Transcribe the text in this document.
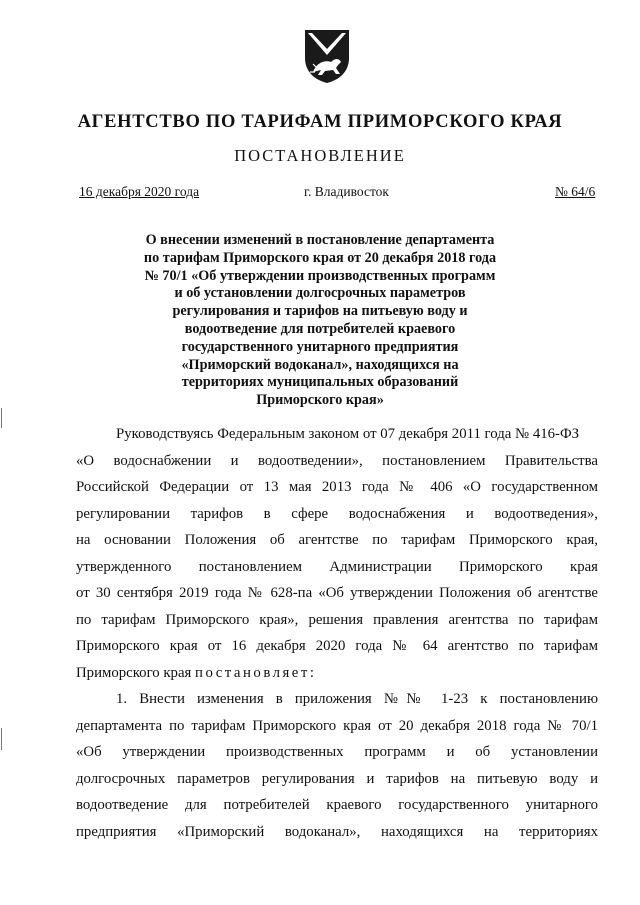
АГЕНТСТВО ПО ТАРИФАМ ПРИМОРСКОГО КРАЯ
ПОСТАНОВЛЕНИЕ
16 декабря 2020 года	г. Владивосток	№ 64/6
О внесении изменений в постановление департамента
по тарифам Приморского края от 20 декабря 2018 года
№ 70/1 «Об утверждении производственных программ
и об установлении долгосрочных параметров
регулирования и тарифов на питьевую воду и
водоотведение для потребителей краевого
государственного унитарного предприятия
«Приморский водоканал», находящихся на
территориях муниципальных образований
Приморского края»

Руководствуясь Федеральным законом от 07 декабря 2011 года № 416-ФЗ
«О водоснабжении и водоотведении», постановлением Правительства
Российской Федерации от 13 мая 2013 года № 406 «О государственном
регулировании тарифов в сфере водоснабжения и водоотведения»,
на основании Положения об агентстве по тарифам Приморского края,
утвержденного постановлением Администрации Приморского края
от 30 сентября 2019 года № 628-па «Об утверждении Положения об агентстве
по тарифам Приморского края», решения правления агентства по тарифам
Приморского края от 16 декабря 2020 года № 64 агентство по тарифам
Приморского края постановляет:

1. Внести изменения в приложения №№ 1-23 к постановлению
департамента по тарифам Приморского края от 20 декабря 2018 года № 70/1
«Об утверждении производственных программ и об установлении
долгосрочных параметров регулирования и тарифов на питьевую воду и
водоотведение для потребителей краевого государственного унитарного
предприятия «Приморский водоканал», находящихся на территориях
